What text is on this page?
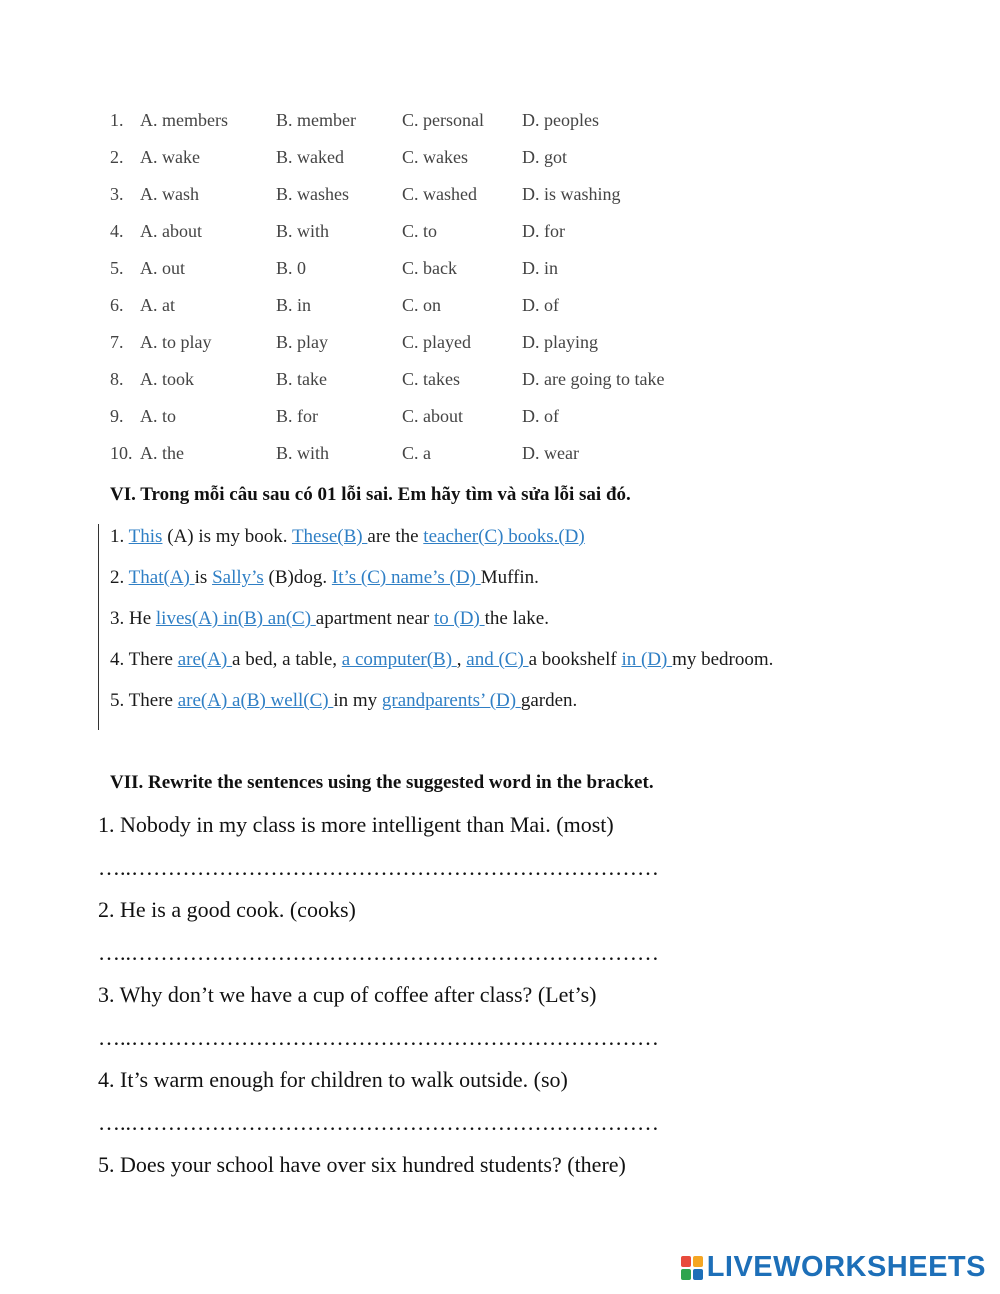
1. A. members	B. member	C. personal D. peoples
2. A. wake	B. waked	C. wakes	D. got
3. A. wash	B. washes	C. washed	D. is washing
4. A. about	B. with	C. to	D. for
5. A. out	B. 0	C. back	D. in
6. A. at	B. in	C. on	D. of
7. A. to play	B. play	C. played	D. playing
8. A. took	B. take	C. takes	D. are going to take
9. A. to	B. for	C. about	D. of
10. A. the	B. with	C. a	D. wear
VI. Trong mỗi câu sau có 01 lỗi sai. Em hãy tìm và sửa lỗi sai đó.
1. This (A) is my book. These(B) are the teacher(C) books.(D)
2. That(A) is Sally’s (B)dog. It’s (C) name’s (D) Muffin.
3. He lives(A) in(B) an(C) apartment near to (D) the lake.
4. There are(A) a bed, a table, a computer(B) , and (C) a bookshelf in (D) my bedroom.
5. There are(A) a(B) well(C) in my grandparents’ (D) garden.
VII. Rewrite the sentences using the suggested word in the bracket.
1. Nobody in my class is more intelligent than Mai. (most)
…..………………………………………………………………
2. He is a good cook. (cooks)
…..………………………………………………………………
3. Why don’t we have a cup of coffee after class? (Let’s)
…..………………………………………………………………
4. It’s warm enough for children to walk outside. (so)
…..………………………………………………………………
5. Does your school have over six hundred students? (there)
LIVEWORKSHEETS
